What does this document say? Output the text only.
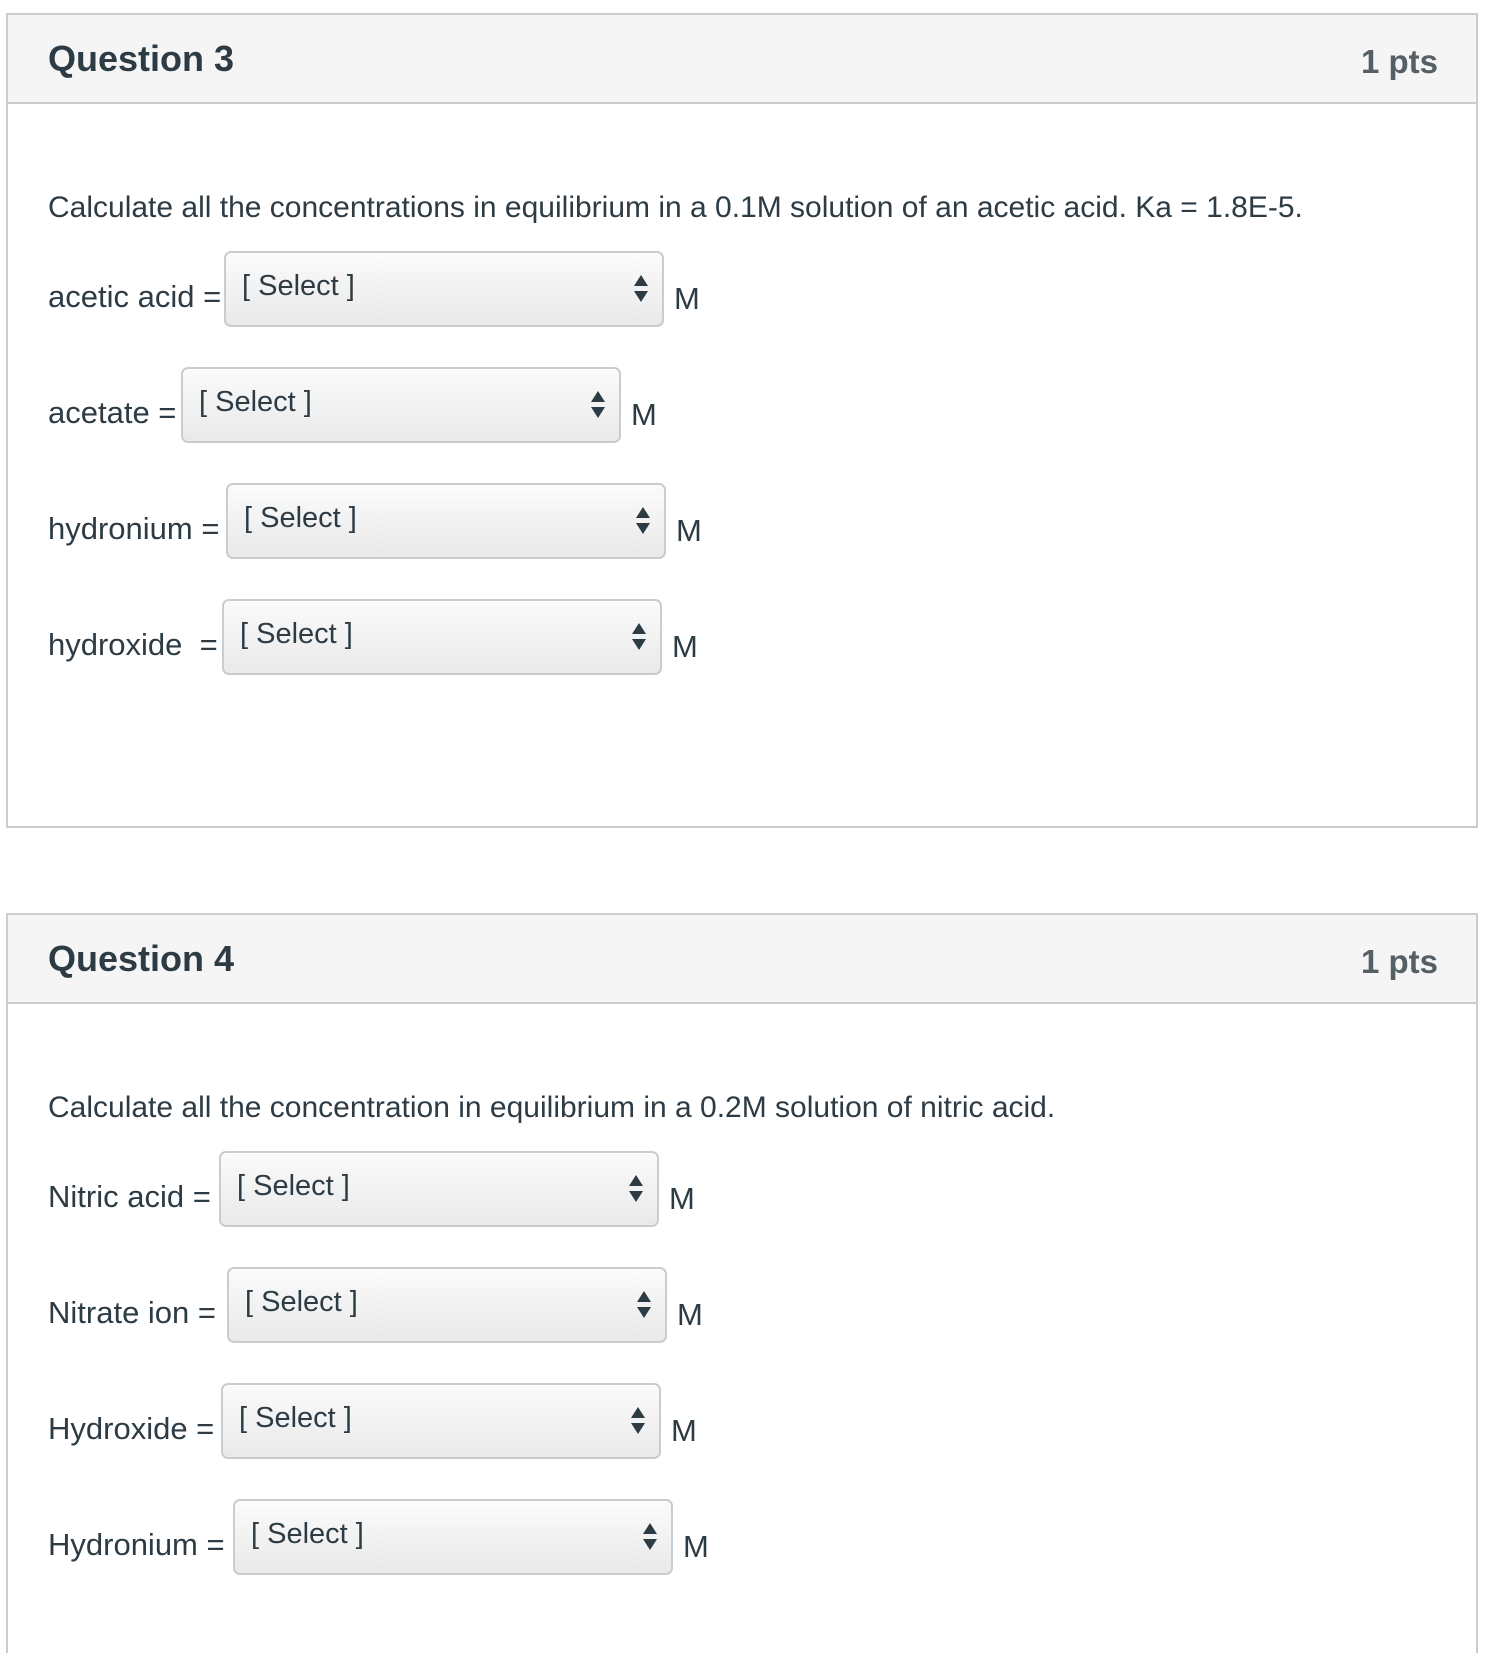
Question 3	1 pts
Calculate all the concentrations in equilibrium in a 0.1M solution of an acetic acid. Ka = 1.8E-5.
acetic acid = [ Select ]	M
acetate = [ Select ]	M
hydronium = [ Select ]	M
hydroxide  = [ Select ]	M
Question 4	1 pts
Calculate all the concentration in equilibrium in a 0.2M solution of nitric acid.
Nitric acid = [ Select ]	M
Nitrate ion = [ Select ]	M
Hydroxide = [ Select ]	M
Hydronium = [ Select ]	M
